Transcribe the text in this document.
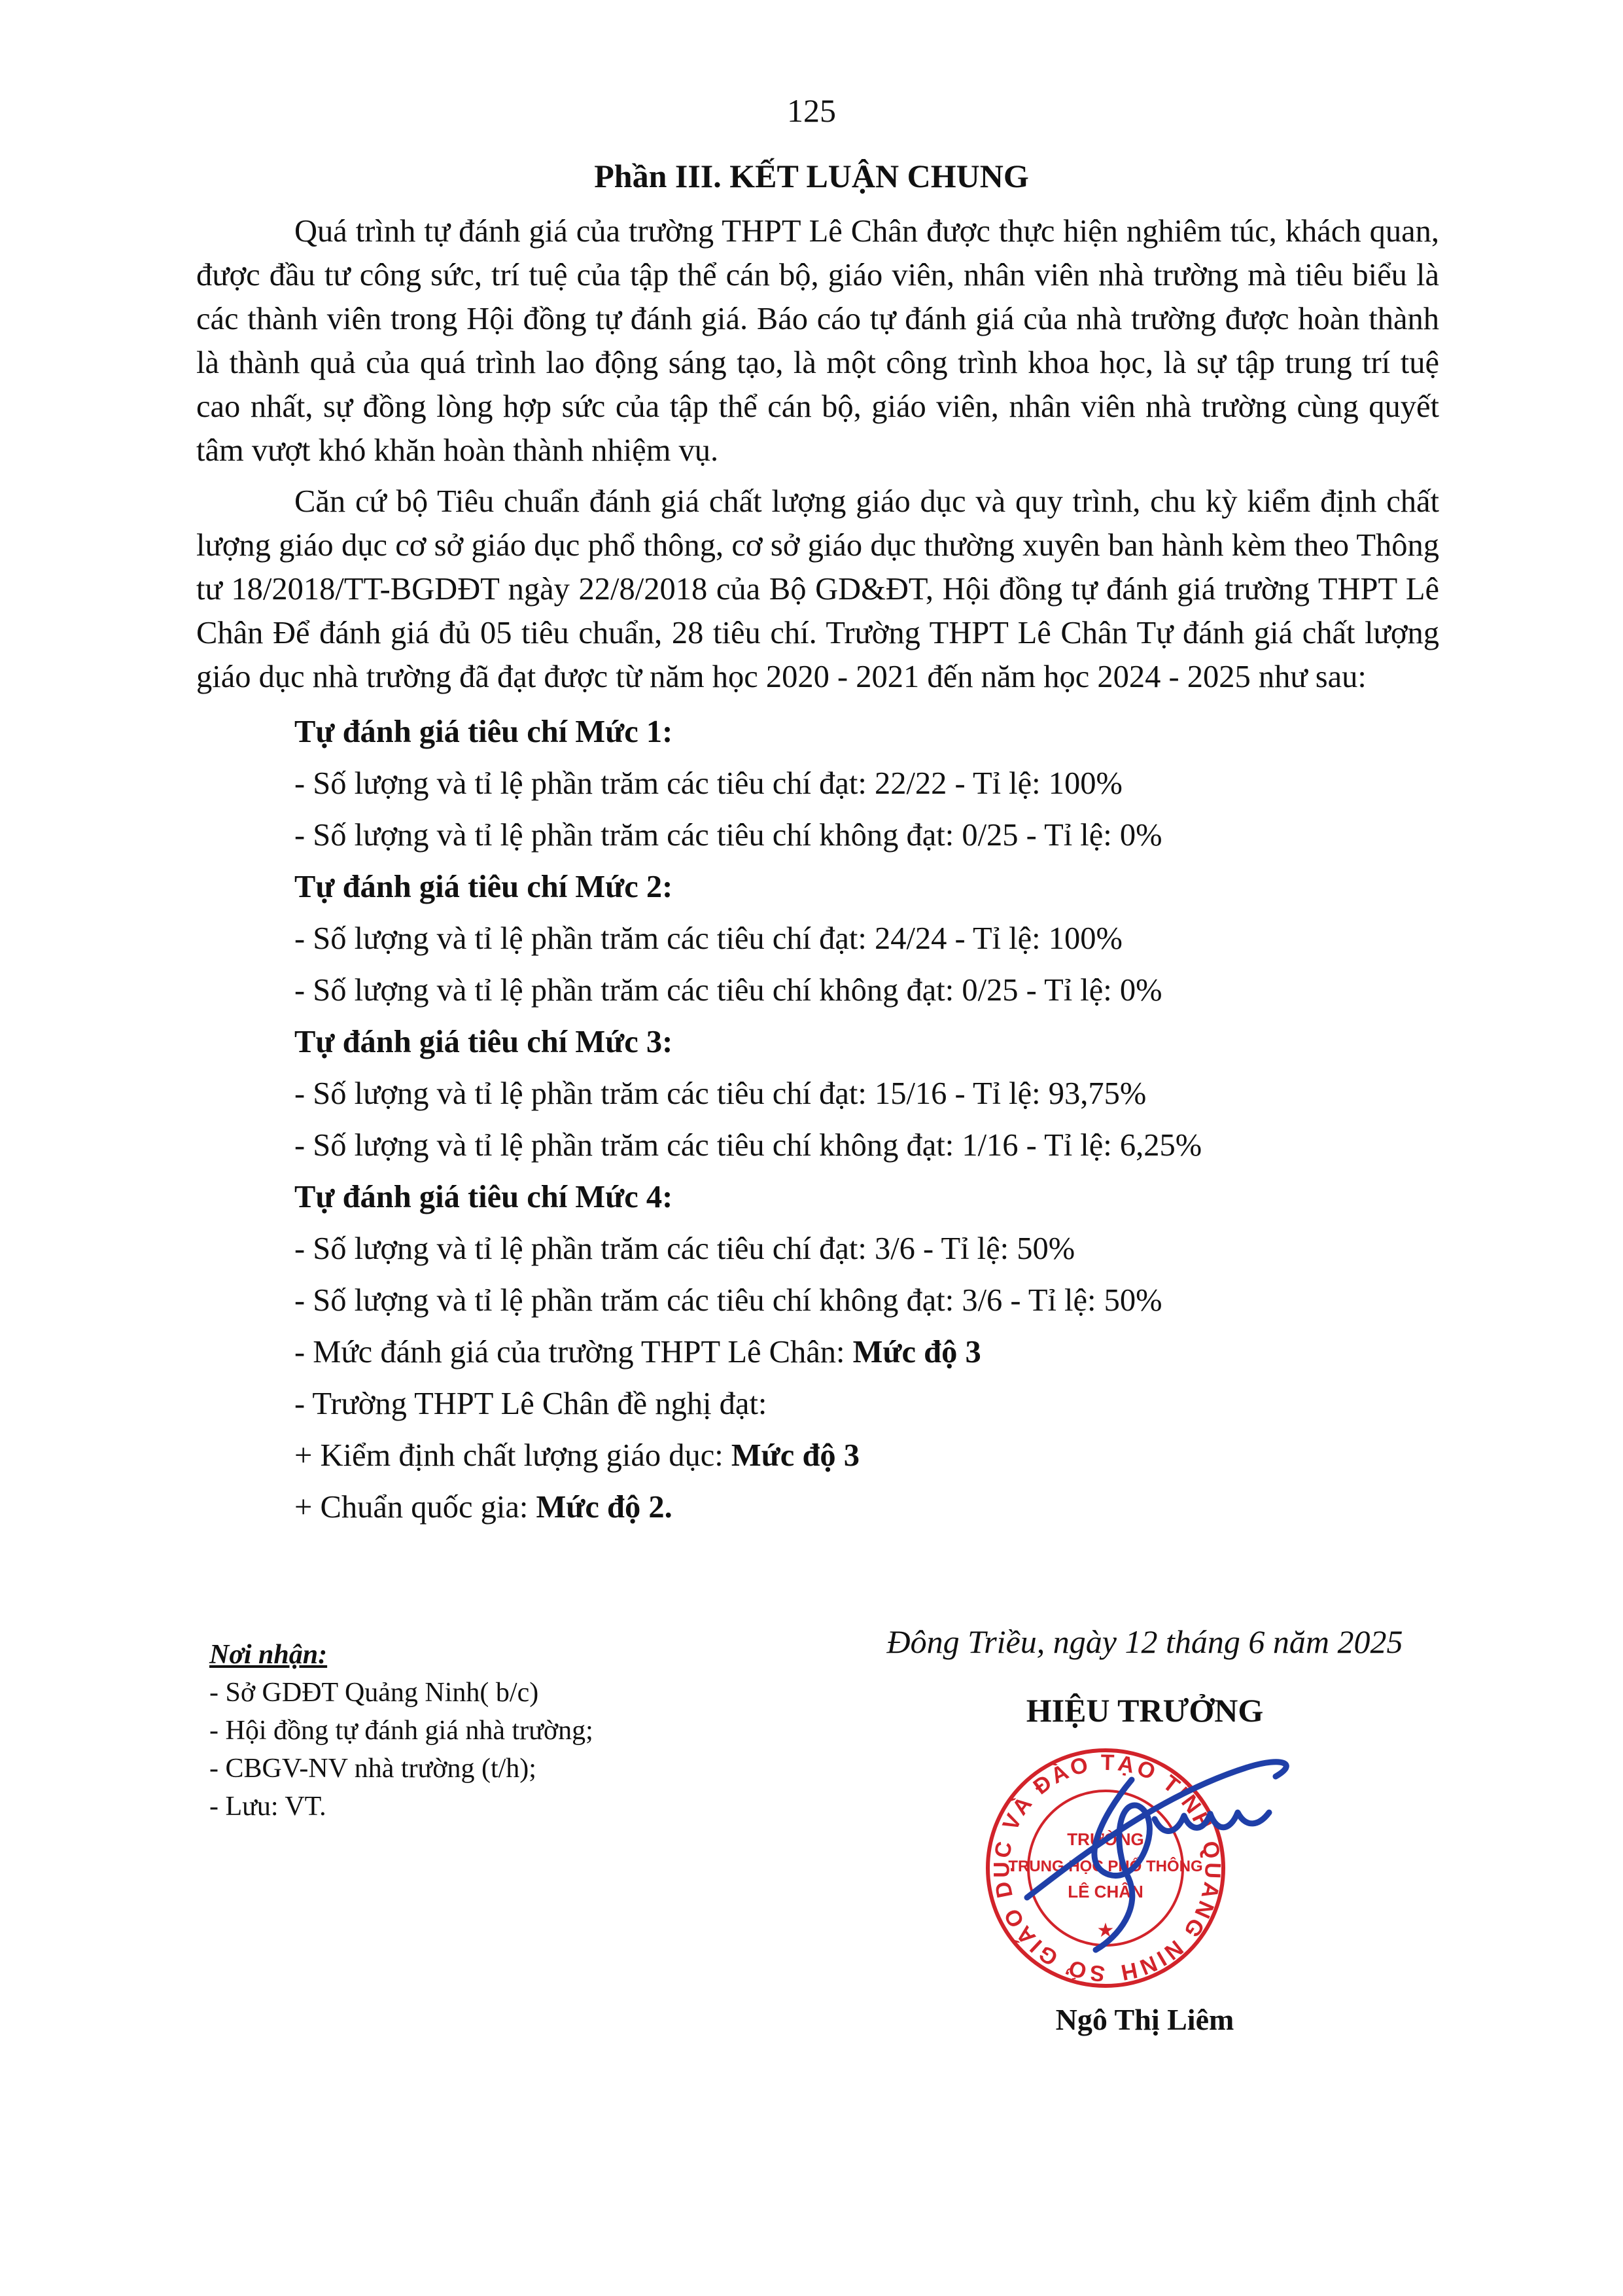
125
Phần III. KẾT LUẬN CHUNG

Quá trình tự đánh giá của trường THPT Lê Chân được thực hiện nghiêm túc, khách quan, được đầu tư công sức, trí tuệ của tập thể cán bộ, giáo viên, nhân viên nhà trường mà tiêu biểu là các thành viên trong Hội đồng tự đánh giá. Báo cáo tự đánh giá của nhà trường được hoàn thành là thành quả của quá trình lao động sáng tạo, là một công trình khoa học, là sự tập trung trí tuệ cao nhất, sự đồng lòng hợp sức của tập thể cán bộ, giáo viên, nhân viên nhà trường cùng quyết tâm vượt khó khăn hoàn thành nhiệm vụ.

Căn cứ bộ Tiêu chuẩn đánh giá chất lượng giáo dục và quy trình, chu kỳ kiểm định chất lượng giáo dục cơ sở giáo dục phổ thông, cơ sở giáo dục thường xuyên ban hành kèm theo Thông tư 18/2018/TT-BGDĐT ngày 22/8/2018 của Bộ GD&ĐT, Hội đồng tự đánh giá trường THPT Lê Chân Để đánh giá đủ 05 tiêu chuẩn, 28 tiêu chí. Trường THPT Lê Chân Tự đánh giá chất lượng giáo dục nhà trường đã đạt được từ năm học 2020 - 2021 đến năm học 2024 - 2025 như sau:

Tự đánh giá tiêu chí Mức 1:
- Số lượng và tỉ lệ phần trăm các tiêu chí đạt: 22/22 - Tỉ lệ: 100%
- Số lượng và tỉ lệ phần trăm các tiêu chí không đạt: 0/25 - Tỉ lệ: 0%
Tự đánh giá tiêu chí Mức 2:
- Số lượng và tỉ lệ phần trăm các tiêu chí đạt: 24/24 - Tỉ lệ: 100%
- Số lượng và tỉ lệ phần trăm các tiêu chí không đạt: 0/25 - Tỉ lệ: 0%
Tự đánh giá tiêu chí Mức 3:
- Số lượng và tỉ lệ phần trăm các tiêu chí đạt: 15/16 - Tỉ lệ: 93,75%
- Số lượng và tỉ lệ phần trăm các tiêu chí không đạt: 1/16 - Tỉ lệ: 6,25%
Tự đánh giá tiêu chí Mức 4:
- Số lượng và tỉ lệ phần trăm các tiêu chí đạt: 3/6 - Tỉ lệ: 50%
- Số lượng và tỉ lệ phần trăm các tiêu chí không đạt: 3/6 - Tỉ lệ: 50%
- Mức đánh giá của trường THPT Lê Chân: Mức độ 3
- Trường THPT Lê Chân đề nghị đạt:
+ Kiểm định chất lượng giáo dục: Mức độ 3
+ Chuẩn quốc gia: Mức độ 2.
Nơi nhận:
- Sở GDĐT Quảng Ninh( b/c)
- Hội đồng tự đánh giá nhà trường;
- CBGV-NV nhà trường (t/h);
- Lưu: VT.
Đông Triều, ngày 12 tháng 6 năm 2025
HIỆU TRƯỞNG
SỞ GIÁO DỤC VÀ ĐÀO TẠO TỈNH QUẢNG NINH
TRƯỜNG
TRUNG HỌC PHỔ THÔNG
LÊ CHÂN
★
Ngô Thị Liêm
